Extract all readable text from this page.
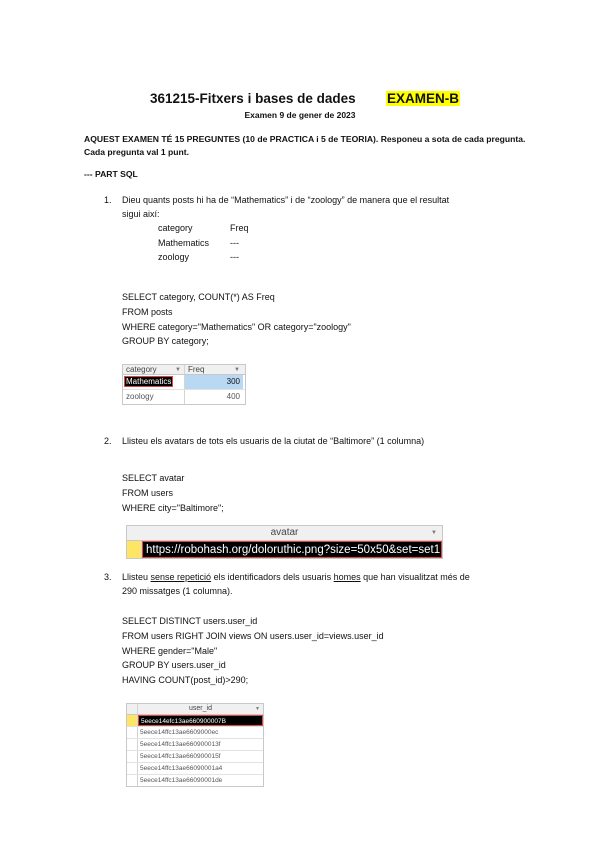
361215-Fitxers i bases de dades EXAMEN-B
Examen 9 de gener de 2023
AQUEST EXAMEN TÉ 15 PREGUNTES (10 de PRACTICA i 5 de TEORIA). Responeu a sota de cada pregunta.
Cada pregunta val 1 punt.
--- PART SQL
1. Dieu quants posts hi ha de “Mathematics” i de “zoology” de manera que el resultat
sigui així:
category	Freq
Mathematics	---
zoology	---
SELECT category, COUNT(*) AS Freq
FROM posts
WHERE category="Mathematics" OR category="zoology"
GROUP BY category;
category	▼ Freq	▼
Mathematics	300
zoology	400
2. Llisteu els avatars de tots els usuaris de la ciutat de “Baltimore” (1 columna)
SELECT avatar
FROM users
WHERE city="Baltimore";
avatar	▼
https://robohash.org/doloruthic.png?size=50x50&set=set1
3. Llisteu sense repetició els identificadors dels usuaris homes que han visualitzat més de
290 missatges (1 columna).
SELECT DISTINCT users.user_id
FROM users RIGHT JOIN views ON users.user_id=views.user_id
WHERE gender="Male"
GROUP BY users.user_id
HAVING COUNT(post_id)>290;
user_id	▼
5eece14efc13ae660900007B
5eece14ffc13ae6609000ec
5eece14ffc13ae660900013f
5eece14ffc13ae660900015f
5eece14ffc13ae66090001a4
5eece14ffc13ae66090001de
